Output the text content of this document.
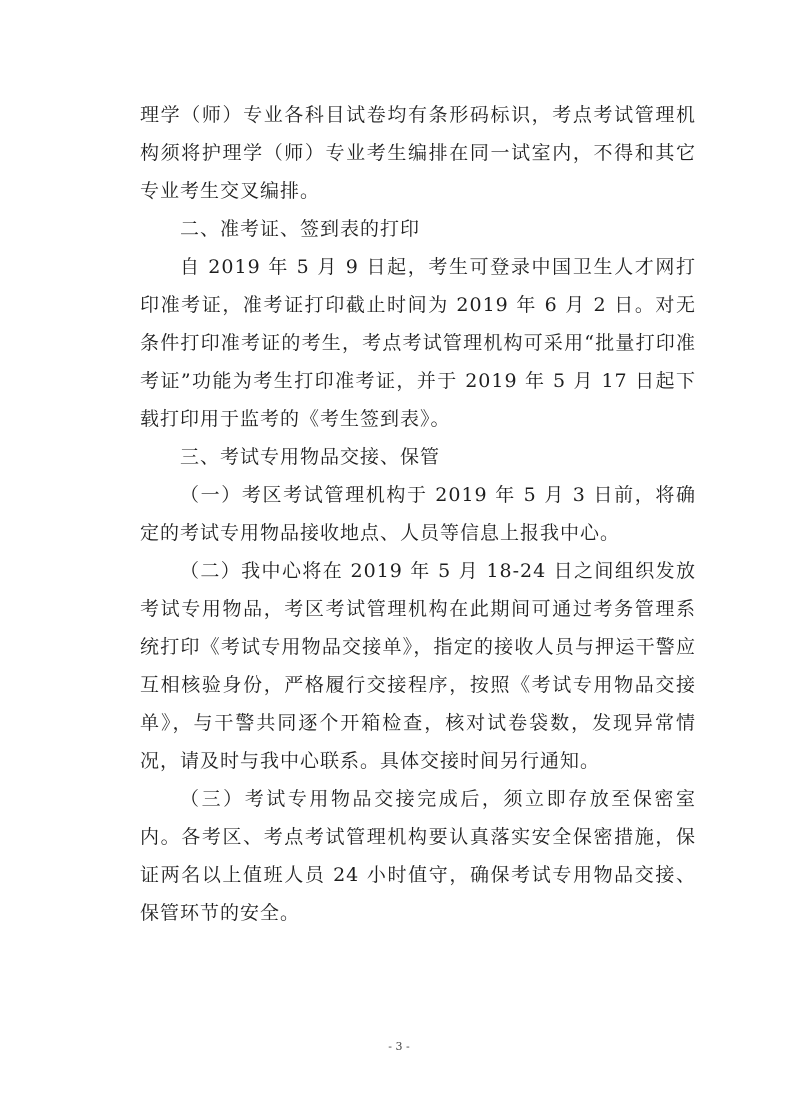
理学（师）专业各科目试卷均有条形码标识，考点考试管理机构须将护理学（师）专业考生编排在同一试室内，不得和其它专业考生交叉编排。

二、准考证、签到表的打印

自 2019 年 5 月 9 日起，考生可登录中国卫生人才网打印准考证，准考证打印截止时间为 2019 年 6 月 2 日。对无条件打印准考证的考生，考点考试管理机构可采用“批量打印准考证”功能为考生打印准考证，并于 2019 年 5 月 17 日起下载打印用于监考的《考生签到表》。

三、考试专用物品交接、保管

（一）考区考试管理机构于 2019 年 5 月 3 日前，将确定的考试专用物品接收地点、人员等信息上报我中心。

（二）我中心将在 2019 年 5 月 18-24 日之间组织发放考试专用物品，考区考试管理机构在此期间可通过考务管理系统打印《考试专用物品交接单》，指定的接收人员与押运干警应互相核验身份，严格履行交接程序，按照《考试专用物品交接单》，与干警共同逐个开箱检查，核对试卷袋数，发现异常情况，请及时与我中心联系。具体交接时间另行通知。

（三）考试专用物品交接完成后，须立即存放至保密室内。各考区、考点考试管理机构要认真落实安全保密措施，保证两名以上值班人员 24 小时值守，确保考试专用物品交接、保管环节的安全。

- 3 -
